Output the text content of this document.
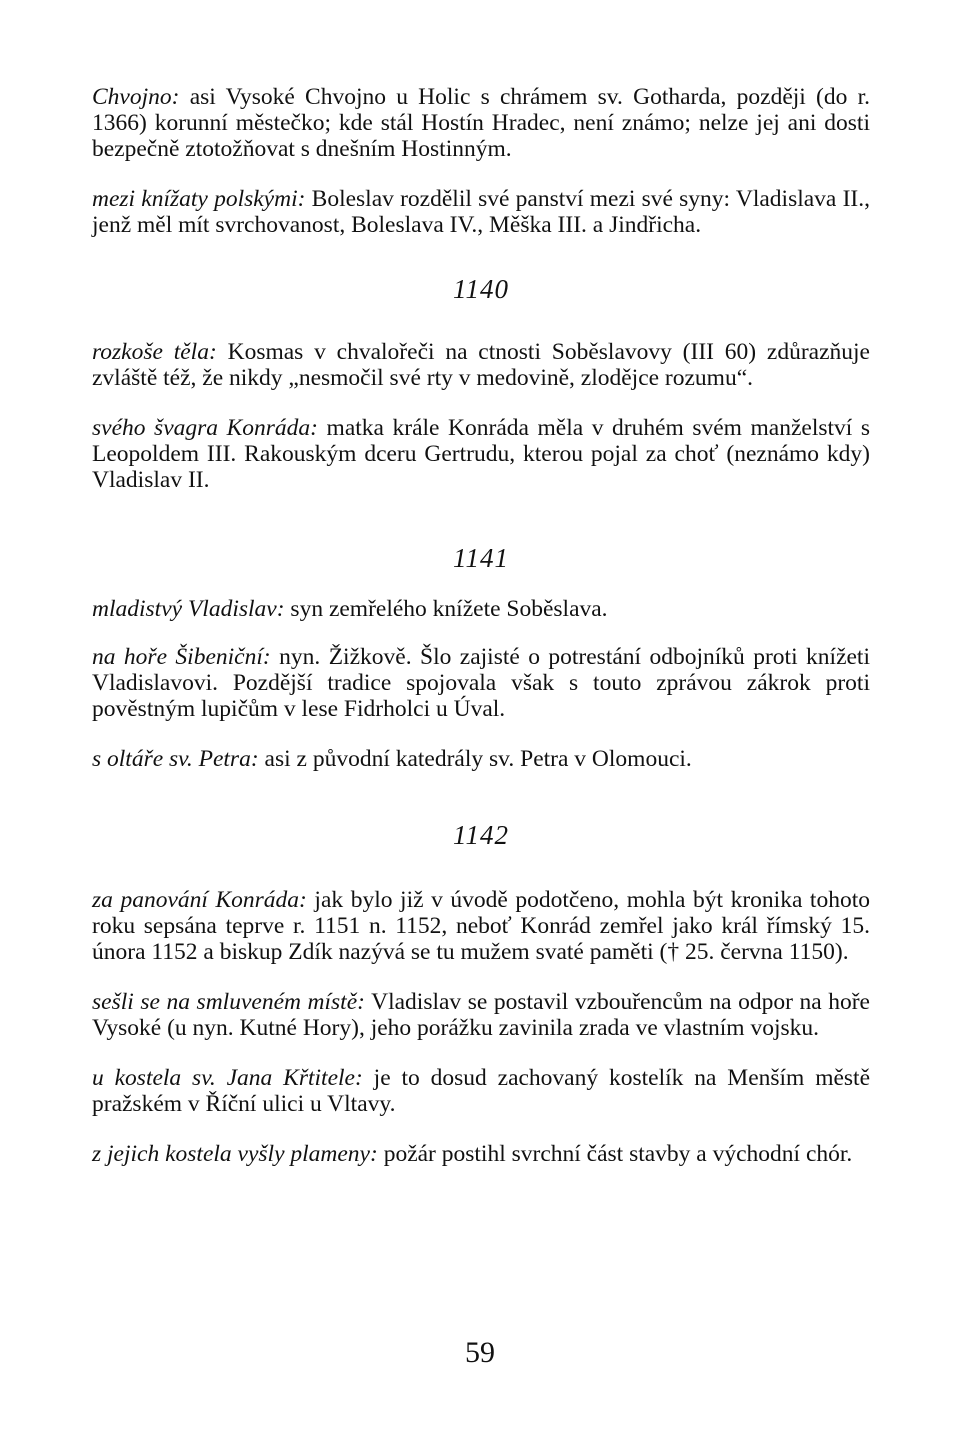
Chvojno: asi Vysoké Chvojno u Holic s chrámem sv. Gotharda, později (do r. 1366) korunní městečko; kde stál Hostín Hradec, není známo; nelze jej ani dosti bezpečně ztotožňovat s dnešním Hostinným.

mezi knížaty polskými: Boleslav rozdělil své panství mezi své syny: Vladislava II., jenž měl mít svrchovanost, Boleslava IV., Měška III. a Jindřicha.

1140

rozkoše těla: Kosmas v chvalořeči na ctnosti Soběslavovy (III 60) zdůrazňuje zvláště též, že nikdy „nesmočil své rty v medovině, zlodějce rozumu“.

svého švagra Konráda: matka krále Konráda měla v druhém svém manželství s Leopoldem III. Rakouským dceru Gertrudu, kterou pojal za choť (neznámo kdy) Vladislav II.

1141

mladistvý Vladislav: syn zemřelého knížete Soběslava.

na hoře Šibeniční: nyn. Žižkově. Šlo zajisté o potrestání odbojníků proti knížeti Vladislavovi. Pozdější tradice spojovala však s touto zprávou zákrok proti pověstným lupičům v lese Fidrholci u Úval.

s oltáře sv. Petra: asi z původní katedrály sv. Petra v Olomouci.

1142

za panování Konráda: jak bylo již v úvodě podotčeno, mohla být kronika tohoto roku sepsána teprve r. 1151 n. 1152, neboť Konrád zemřel jako král římský 15. února 1152 a biskup Zdík nazývá se tu mužem svaté paměti († 25. června 1150).

sešli se na smluveném místě: Vladislav se postavil vzbouřencům na odpor na hoře Vysoké (u nyn. Kutné Hory), jeho porážku zavinila zrada ve vlastním vojsku.

u kostela sv. Jana Křtitele: je to dosud zachovaný kostelík na Menším městě pražském v Říční ulici u Vltavy.

z jejich kostela vyšly plameny: požár postihl svrchní část stavby a východní chór.

59
